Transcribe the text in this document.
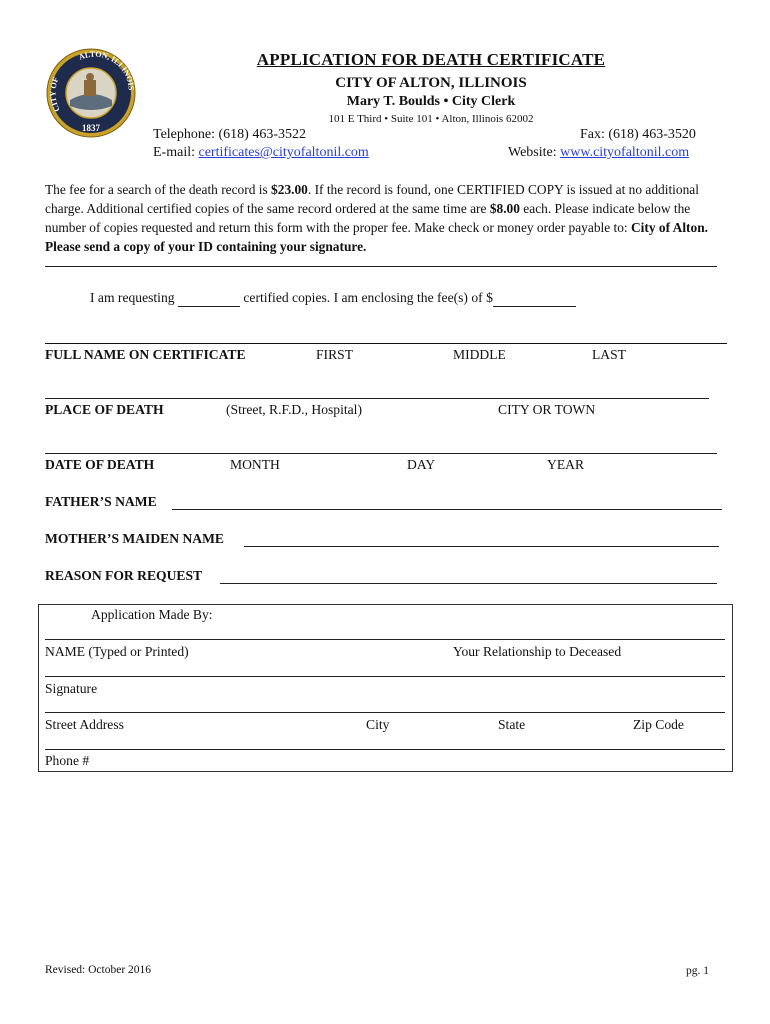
CITY OF
ALTON, ILLINOIS
1837
APPLICATION FOR DEATH CERTIFICATE
CITY OF ALTON, ILLINOIS
Mary T. Boulds • City Clerk
101 E Third • Suite 101 • Alton, Illinois 62002
Telephone: (618) 463-3522	Fax: (618) 463-3520
E-mail: certificates@cityofaltonil.com	Website: www.cityofaltonil.com
The fee for a search of the death record is $23.00. If the record is found, one CERTIFIED COPY is issued at no additional charge. Additional certified copies of the same record ordered at the same time are $8.00 each. Please indicate below the number of copies requested and return this form with the proper fee. Make check or money order payable to: City of Alton. Please send a copy of your ID containing your signature.
I am requesting	certified copies. I am enclosing the fee(s) of $
FULL NAME ON CERTIFICATE	FIRST	MIDDLE	LAST
PLACE OF DEATH	(Street, R.F.D., Hospital)	CITY OR TOWN
DATE OF DEATH	MONTH	DAY	YEAR
FATHER’S NAME
MOTHER’S MAIDEN NAME
REASON FOR REQUEST
Application Made By:
NAME (Typed or Printed)	Your Relationship to Deceased
Signature
Street Address	City	State	Zip Code
Phone #
Revised: October 2016	pg. 1
